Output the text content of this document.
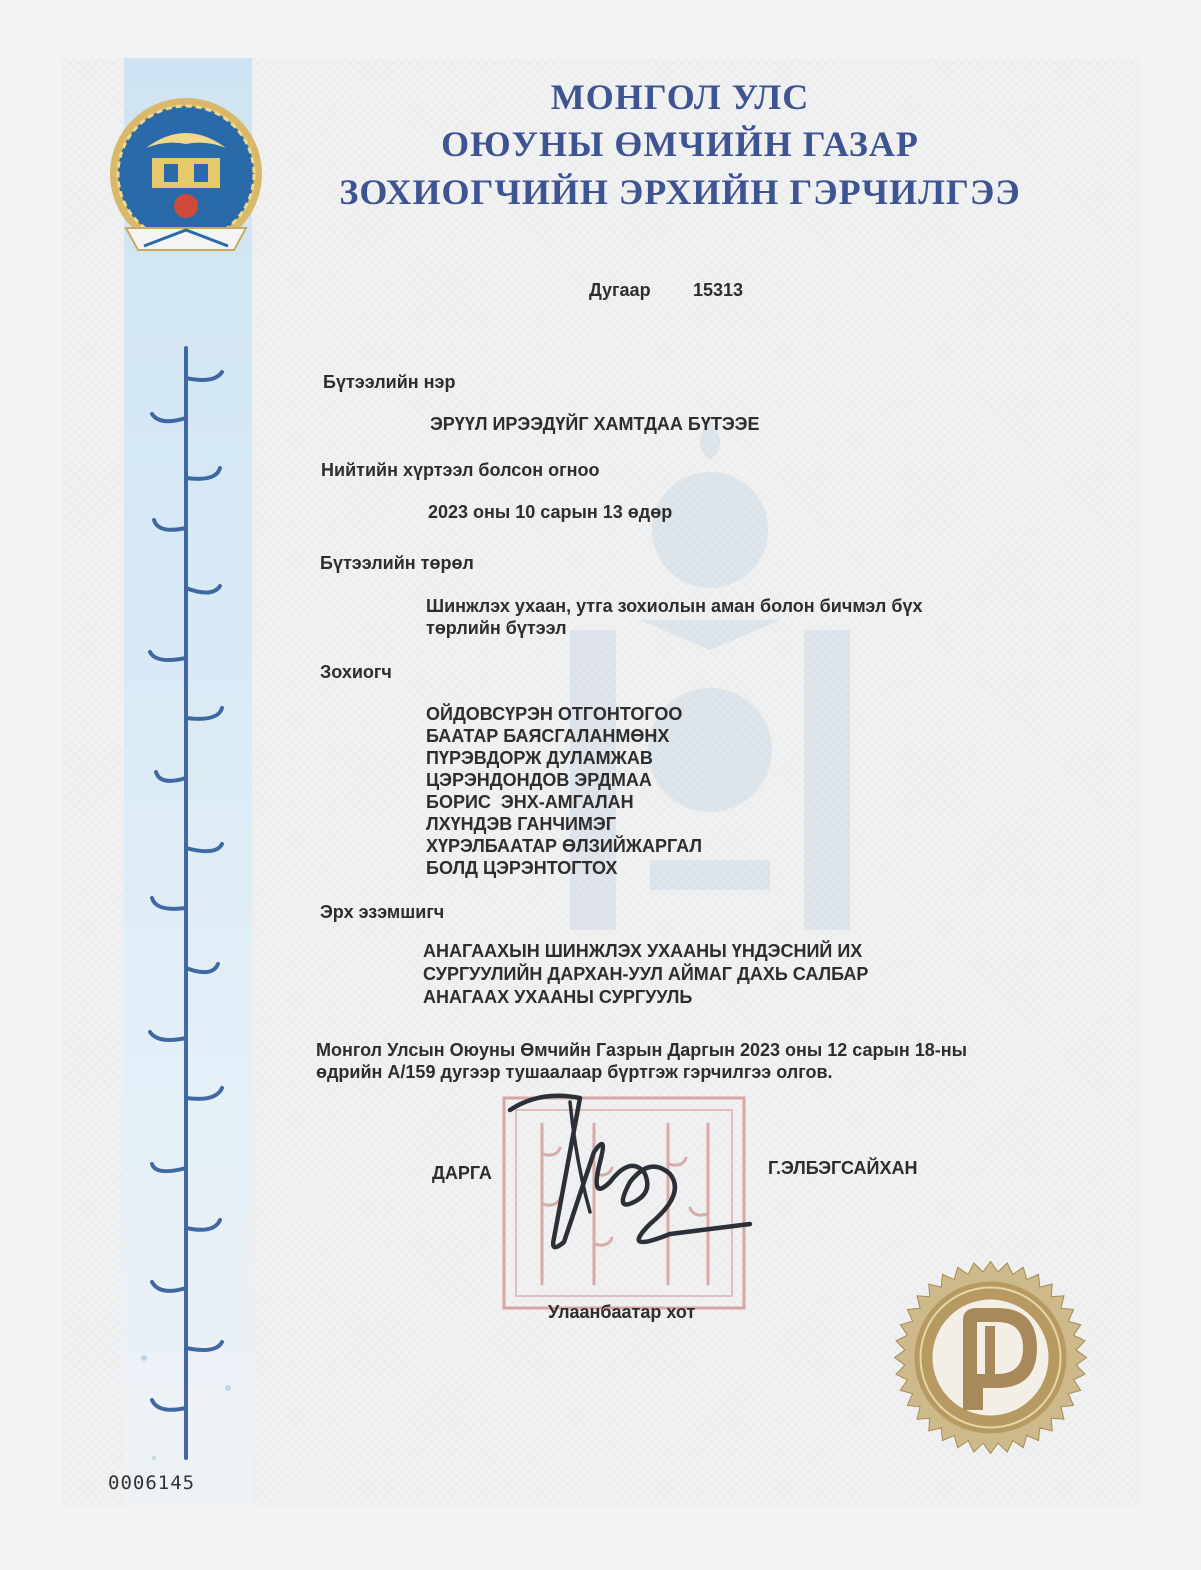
МОНГОЛ УЛС
ОЮУНЫ ӨМЧИЙН ГАЗАР
ЗОХИОГЧИЙН ЭРХИЙН ГЭРЧИЛГЭЭ
Дугаар 15313
Бүтээлийн нэр
ЭРҮҮЛ ИРЭЭДҮЙГ ХАМТДАА БҮТЭЭЕ
Нийтийн хүртээл болсон огноо
2023 оны 10 сарын 13 өдөр
Бүтээлийн төрөл
Шинжлэх ухаан, утга зохиолын аман болон бичмэл бүх
төрлийн бүтээл
Зохиогч
ОЙДОВСҮРЭН ОТГОНТОГОО
БААТАР БАЯСГАЛАНМӨНХ
ПҮРЭВДОРЖ ДУЛАМЖАВ
ЦЭРЭНДОНДОВ ЭРДМАА
БОРИС  ЭНХ-АМГАЛАН
ЛХҮНДЭВ ГАНЧИМЭГ
ХҮРЭЛБААТАР ӨЛЗИЙЖАРГАЛ
БОЛД ЦЭРЭНТОГТОХ
Эрх эзэмшигч
АНАГААХЫН ШИНЖЛЭХ УХААНЫ ҮНДЭСНИЙ ИХ
СУРГУУЛИЙН ДАРХАН-УУЛ АЙМАГ ДАХЬ САЛБАР
АНАГААХ УХААНЫ СУРГУУЛЬ
Монгол Улсын Оюуны Өмчийн Газрын Даргын 2023 оны 12 сарын 18-ны
өдрийн А/159 дугээр тушаалаар бүртгэж гэрчилгээ олгов.
ДАРГА	Г.ЭЛБЭГСАЙХАН
Улаанбаатар хот
0006145
